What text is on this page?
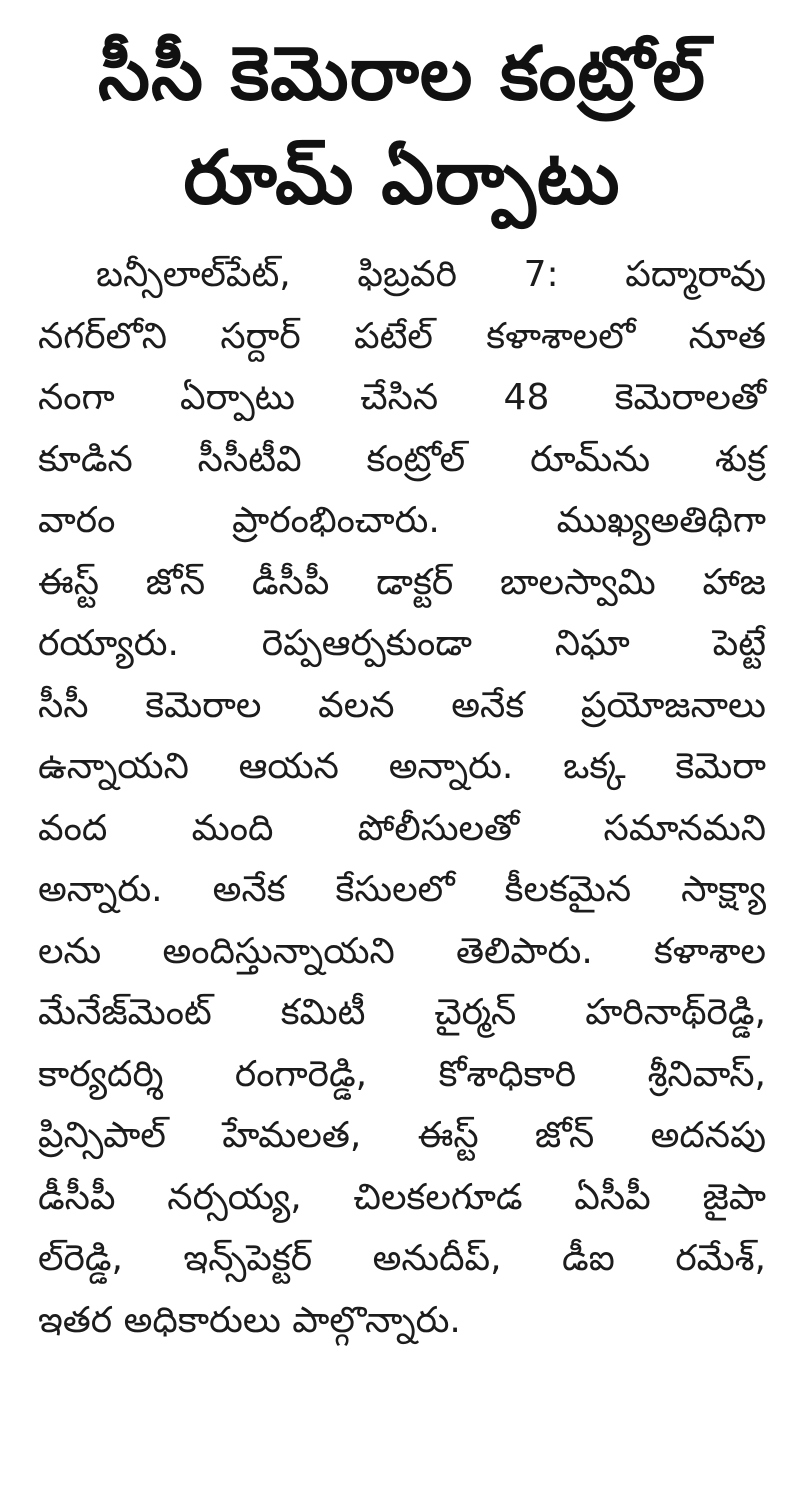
సీసీ కెమెరాల కంట్రోల్
రూమ్ ఏర్పాటు
బన్సీలాల్‌పేట్, ఫిబ్రవరి 7: పద్మారావు
నగర్‌లోని సర్దార్ పటేల్ కళాశాలలో నూత
నంగా ఏర్పాటు చేసిన 48 కెమెరాలతో
కూడిన సీసీటీవి కంట్రోల్ రూమ్‌ను శుక్ర
వారం ప్రారంభించారు. ముఖ్యఅతిథిగా
ఈస్ట్ జోన్ డీసీపీ డాక్టర్ బాలస్వామి హాజ
రయ్యారు. రెప్పఆర్పకుండా నిఘా పెట్టే
సీసీ కెమెరాల వలన అనేక ప్రయోజనాలు
ఉన్నాయని ఆయన అన్నారు. ఒక్క కెమెరా
వంద మంది పోలీసులతో సమానమని
అన్నారు. అనేక కేసులలో కీలకమైన సాక్ష్యా
లను అందిస్తున్నాయని తెలిపారు. కళాశాల
మేనేజ్‌మెంట్ కమిటీ చైర్మన్ హరినాథ్‌రెడ్డి,
కార్యదర్శి రంగారెడ్డి, కోశాధికారి శ్రీనివాస్,
ప్రిన్సిపాల్ హేమలత, ఈస్ట్ జోన్ అదనపు
డీసీపీ నర్సయ్య, చిలకలగూడ ఏసీపీ జైపా
ల్‌రెడ్డి, ఇన్స్‌పెక్టర్ అనుదీప్, డీఐ రమేశ్,
ఇతర అధికారులు పాల్గొన్నారు.
